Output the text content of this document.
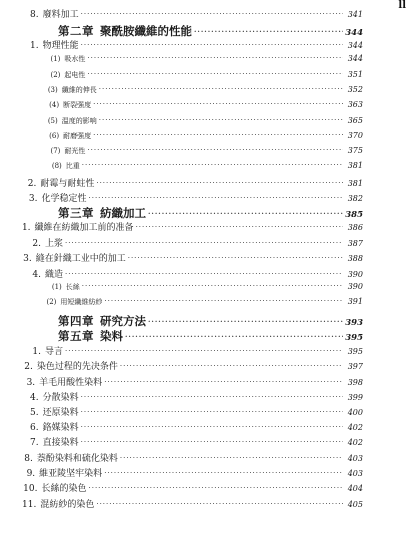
ll
8. 廢料加工 ·····	341
第二章 聚酰胺纖維的性能 ·····	344
1. 物理性能 ·····	344
(1) 吸水性 ·····	344
(2) 起电性 ·····	351
(3) 纖維的伸長 ·····	352
(4) 断裂强度 ·····	363
(5) 温度的影响 ·····	365
(6) 耐磨强度 ·····	370
(7) 耐光性 ·····	375
(8) 比重 ·····	381
2. 耐霉与耐蛀性 ·····	381
3. 化学稳定性 ·····	382
第三章 紡織加工 ·····	385
1. 纖維在紡織加工前的准备 ·····	386
2. 上浆 ·····	387
3. 縫在針織工业中的加工 ·····	388
4. 織造 ·····	390
(1) 长絲 ·····	390
(2) 用短纖維紡紗 ·····	391
第四章 研究方法 ·····	393
第五章 染料 ·····	395
1. 导言 ·····	395
2. 染色过程的先决条件 ·····	397
3. 羊毛用酸性染料 ·····	398
4. 分散染料 ·····	399
5. 还原染料 ·····	400
6. 鉻媒染料 ·····	402
7. 直接染料 ·····	402
8. 萘酚染料和硫化染料 ·····	403
9. 維亚陵坚牢染料 ·····	403
10. 长絲的染色 ·····	404
11. 混紡紗的染色 ·····	405
